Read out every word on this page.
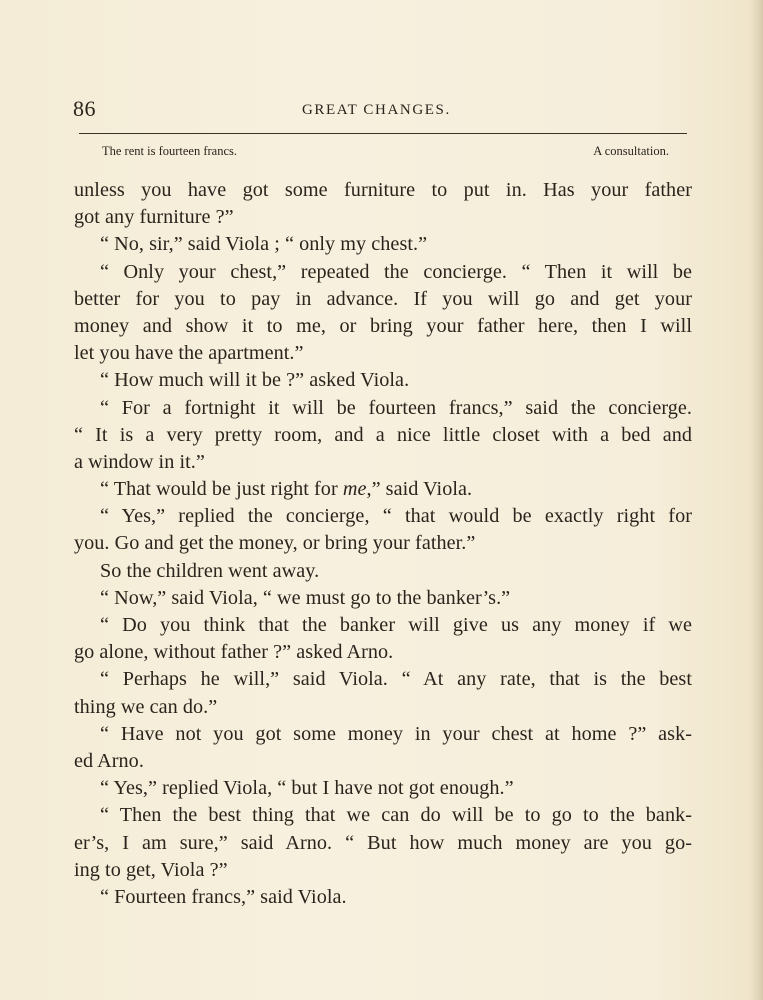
86	GREAT CHANGES.
The rent is fourteen francs.	A consultation.
unless you have got some furniture to put in. Has your father
got any furniture ?”
“ No, sir,” said Viola ; “ only my chest.”
“ Only your chest,” repeated the concierge. “ Then it will be
better for you to pay in advance. If you will go and get your
money and show it to me, or bring your father here, then I will
let you have the apartment.”
“ How much will it be ?” asked Viola.
“ For a fortnight it will be fourteen francs,” said the concierge.
“ It is a very pretty room, and a nice little closet with a bed and
a window in it.”
“ That would be just right for me,” said Viola.
“ Yes,” replied the concierge, “ that would be exactly right for
you. Go and get the money, or bring your father.”
So the children went away.
“ Now,” said Viola, “ we must go to the banker’s.”
“ Do you think that the banker will give us any money if we
go alone, without father ?” asked Arno.
“ Perhaps he will,” said Viola. “ At any rate, that is the best
thing we can do.”
“ Have not you got some money in your chest at home ?” ask-
ed Arno.
“ Yes,” replied Viola, “ but I have not got enough.”
“ Then the best thing that we can do will be to go to the bank-
er’s, I am sure,” said Arno. “ But how much money are you go-
ing to get, Viola ?”
“ Fourteen francs,” said Viola.
